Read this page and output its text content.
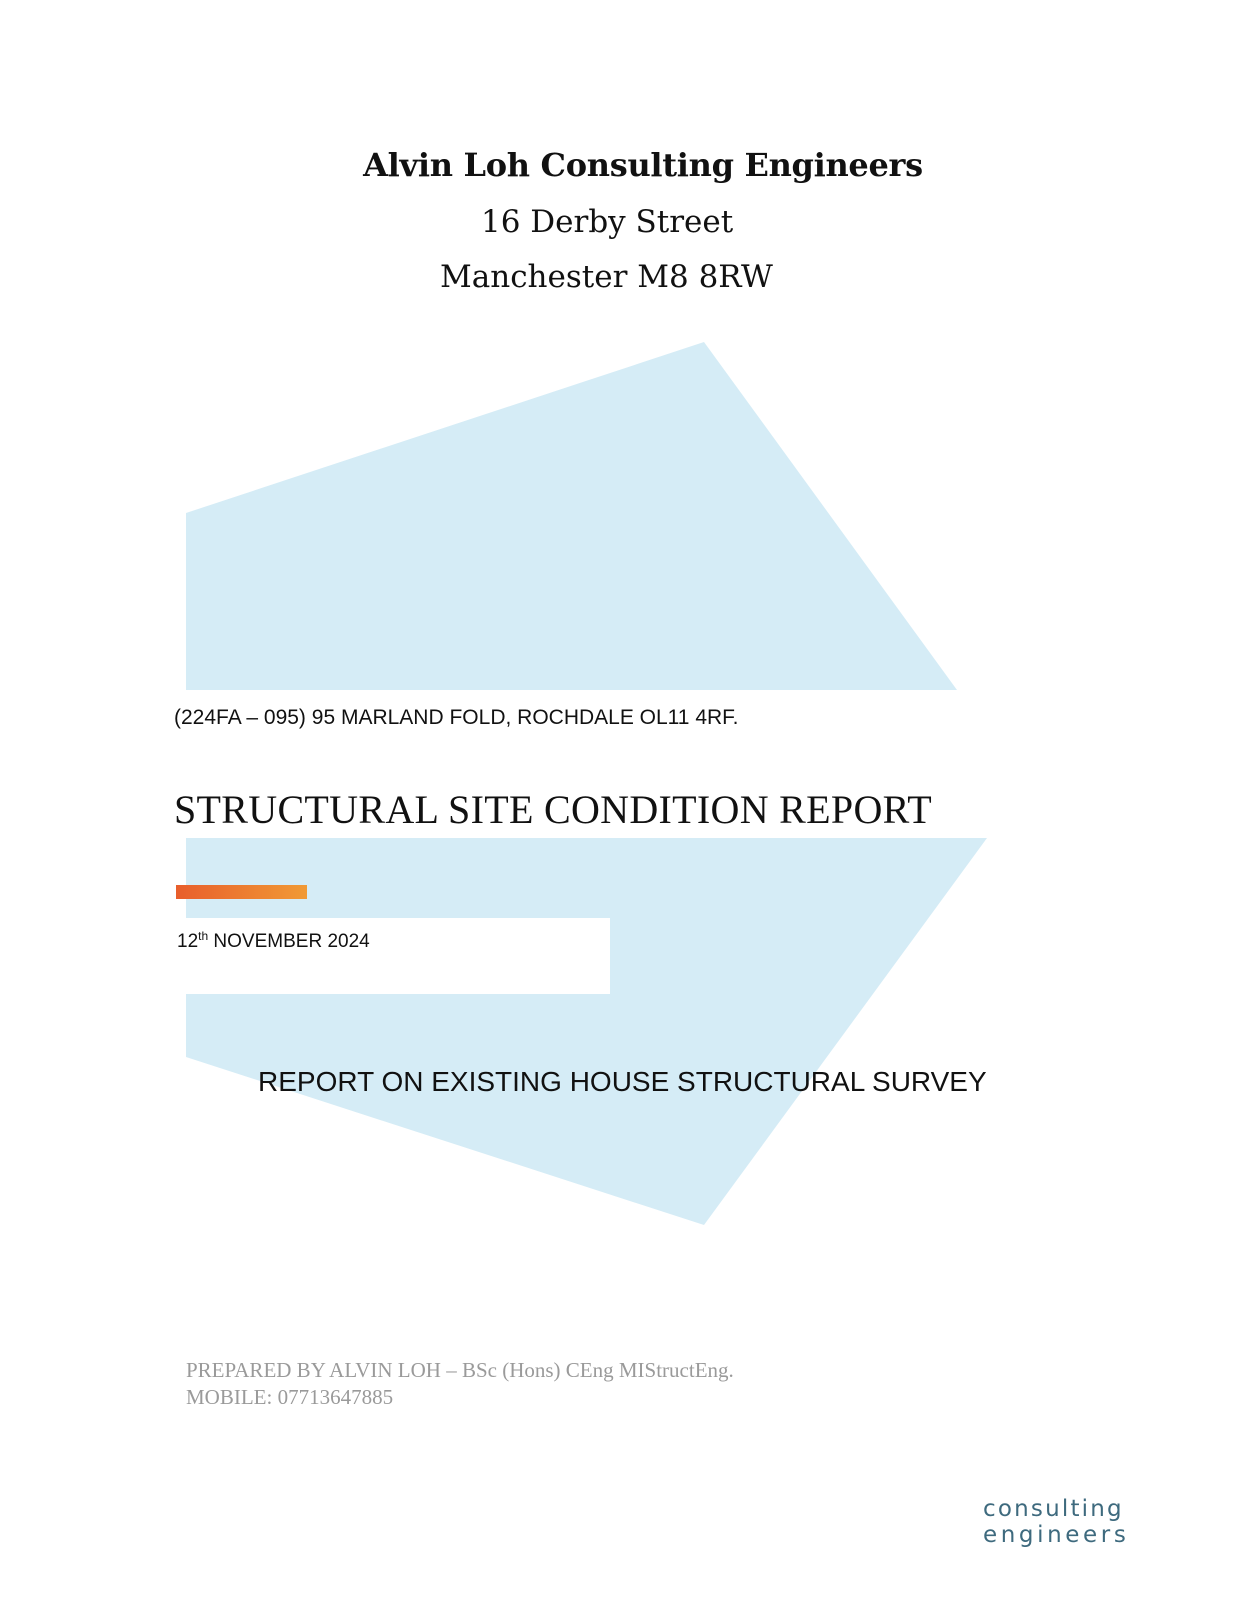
Alvin Loh Consulting Engineers

16 Derby Street

Manchester M8 8RW

(224FA – 095) 95 MARLAND FOLD, ROCHDALE OL11 4RF.

STRUCTURAL SITE CONDITION REPORT

12th NOVEMBER 2024

REPORT ON EXISTING HOUSE STRUCTURAL SURVEY

PREPARED BY ALVIN LOH – BSc (Hons) CEng MIStructEng.

MOBILE: 07713647885

consulting

engineers
